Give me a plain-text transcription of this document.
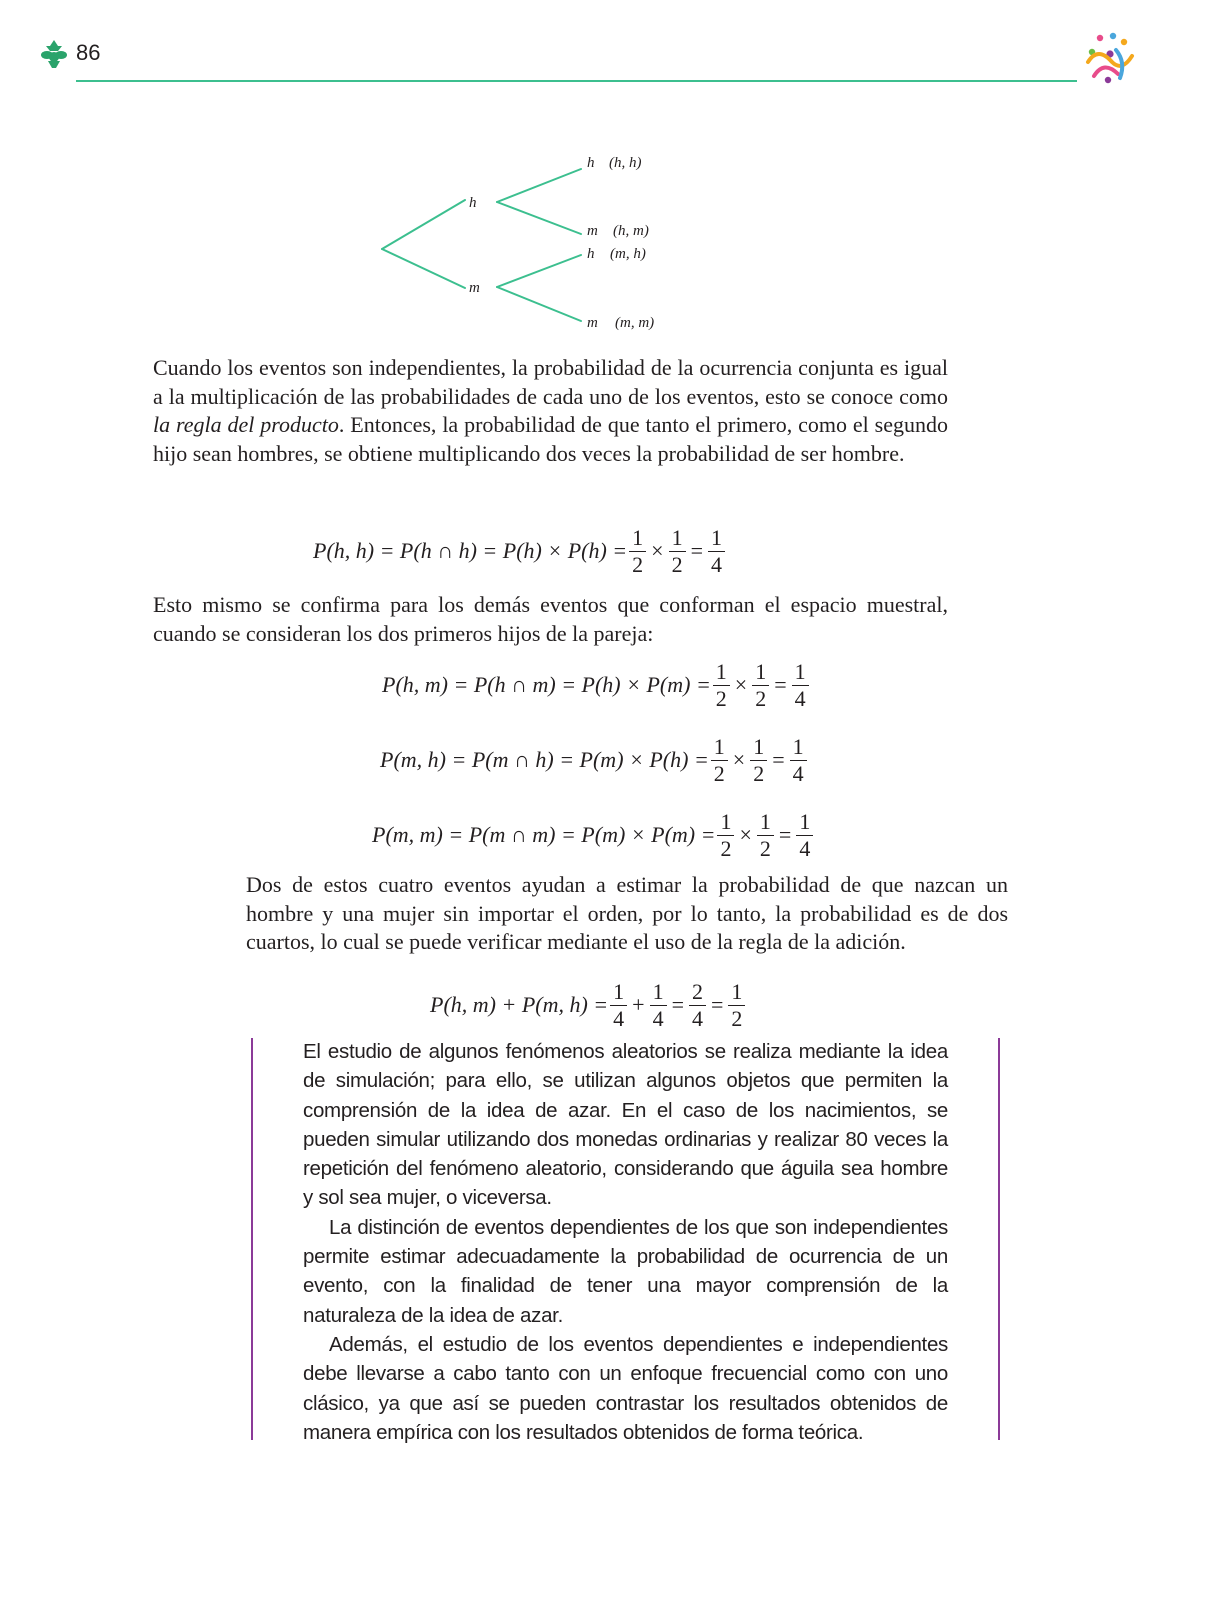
86
h
m
h (h, h)
m (h, m)
h (m, h)
m (m, m)
Cuando los eventos son independientes, la probabilidad de la ocurrencia conjunta es igual a la multiplicación de las probabilidades de cada uno de los eventos, esto se conoce como la regla del producto. Entonces, la probabilidad de que tanto el primero, como el segundo hijo sean hombres, se obtiene multiplicando dos veces la probabilidad de ser hombre.
P(h, h) = P(h ∩ $h) = P(h) \times P(h) = \frac{1}{2} \times \frac{1}{2} = \frac{1}{4}$
Esto mismo se confirma para los demás eventos que conforman el espacio muestral, cuando se consideran los dos primeros hijos de la pareja:
P(h, m) = P(h ∩ $m) = P(h) \times P(m) = \frac{1}{2} \times \frac{1}{2} = \frac{1}{4}$
P(m, h) = P(m ∩ $h) = P(m) \times P(h) = \frac{1}{2} \times \frac{1}{2} = \frac{1}{4}$
P(m, m) = P(m ∩ $m) = P(m) \times P(m) = \frac{1}{2} \times \frac{1}{2} = \frac{1}{4}$
Dos de estos cuatro eventos ayudan a estimar la probabilidad de que nazcan un hombre y una mujer sin importar el orden, por lo tanto, la probabilidad es de dos cuartos, lo cual se puede verificar mediante el uso de la regla de la adición.
P(h, m) + P(m, $h) = \frac{1}{4} + \frac{1}{4} = \frac{2}{4} = \frac{1}{2}$
El estudio de algunos fenómenos aleatorios se realiza mediante la idea de simulación; para ello, se utilizan algunos objetos que permiten la comprensión de la idea de azar. En el caso de los nacimientos, se pueden simular utilizando dos monedas ordinarias y realizar 80 veces la repetición del fenómeno aleatorio, considerando que águila sea hombre y sol sea mujer, o viceversa.
La distinción de eventos dependientes de los que son independientes permite estimar adecuadamente la probabilidad de ocurrencia de un evento, con la finalidad de tener una mayor comprensión de la naturaleza de la idea de azar.
Además, el estudio de los eventos dependientes e independientes debe llevarse a cabo tanto con un enfoque frecuencial como con uno clásico, ya que así se pueden contrastar los resultados obtenidos de manera empírica con los resultados obtenidos de forma teórica.
